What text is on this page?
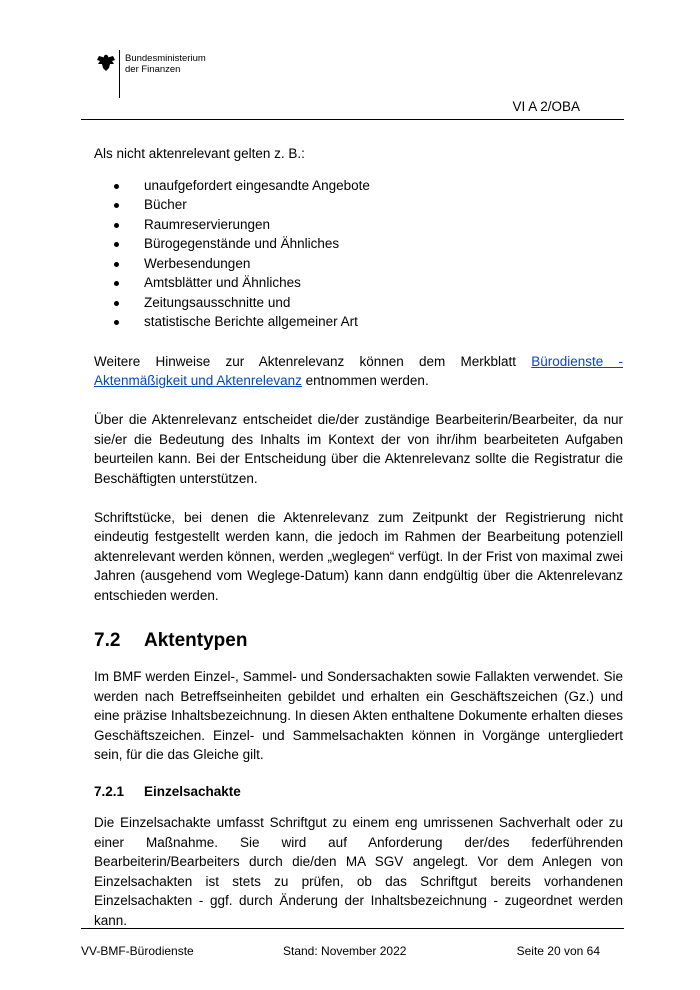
Bundesministerium
der Finanzen
VI A 2/OBA

Als nicht aktenrelevant gelten z. B.:

unaufgefordert eingesandte Angebote
Bücher
Raumreservierungen
Bürogegenstände und Ähnliches
Werbesendungen
Amtsblätter und Ähnliches
Zeitungsausschnitte und
statistische Berichte allgemeiner Art

Weitere Hinweise zur Aktenrelevanz können dem Merkblatt Bürodienste - Aktenmäßigkeit und Aktenrelevanz entnommen werden.

Über die Aktenrelevanz entscheidet die/der zuständige Bearbeiterin/Bearbeiter, da nur sie/er die Bedeutung des Inhalts im Kontext der von ihr/ihm bearbeiteten Aufgaben beurteilen kann. Bei der Entscheidung über die Aktenrelevanz sollte die Registratur die Beschäftigten unterstützen.

Schriftstücke, bei denen die Aktenrelevanz zum Zeitpunkt der Registrierung nicht eindeutig festgestellt werden kann, die jedoch im Rahmen der Bearbeitung potenziell aktenrelevant werden können, werden „weglegen“ verfügt. In der Frist von maximal zwei Jahren (ausgehend vom Weglege-Datum) kann dann endgültig über die Aktenrelevanz entschieden werden.

7.2	Aktentypen

Im BMF werden Einzel-, Sammel- und Sondersachakten sowie Fallakten verwendet. Sie werden nach Betreffseinheiten gebildet und erhalten ein Geschäftszeichen (Gz.) und eine präzise Inhaltsbezeichnung. In diesen Akten enthaltene Dokumente erhalten dieses Geschäftszeichen. Einzel- und Sammelsachakten können in Vorgänge untergliedert sein, für die das Gleiche gilt.

7.2.1	Einzelsachakte

Die Einzelsachakte umfasst Schriftgut zu einem eng umrissenen Sachverhalt oder zu einer Maßnahme. Sie wird auf Anforderung der/des federführenden Bearbeiterin/Bearbeiters durch die/den MA SGV angelegt. Vor dem Anlegen von Einzelsachakten ist stets zu prüfen, ob das Schriftgut bereits vorhandenen Einzelsachakten - ggf. durch Änderung der Inhaltsbezeichnung - zugeordnet werden kann.

VV-BMF-Bürodienste	Stand: November 2022	Seite 20 von 64
